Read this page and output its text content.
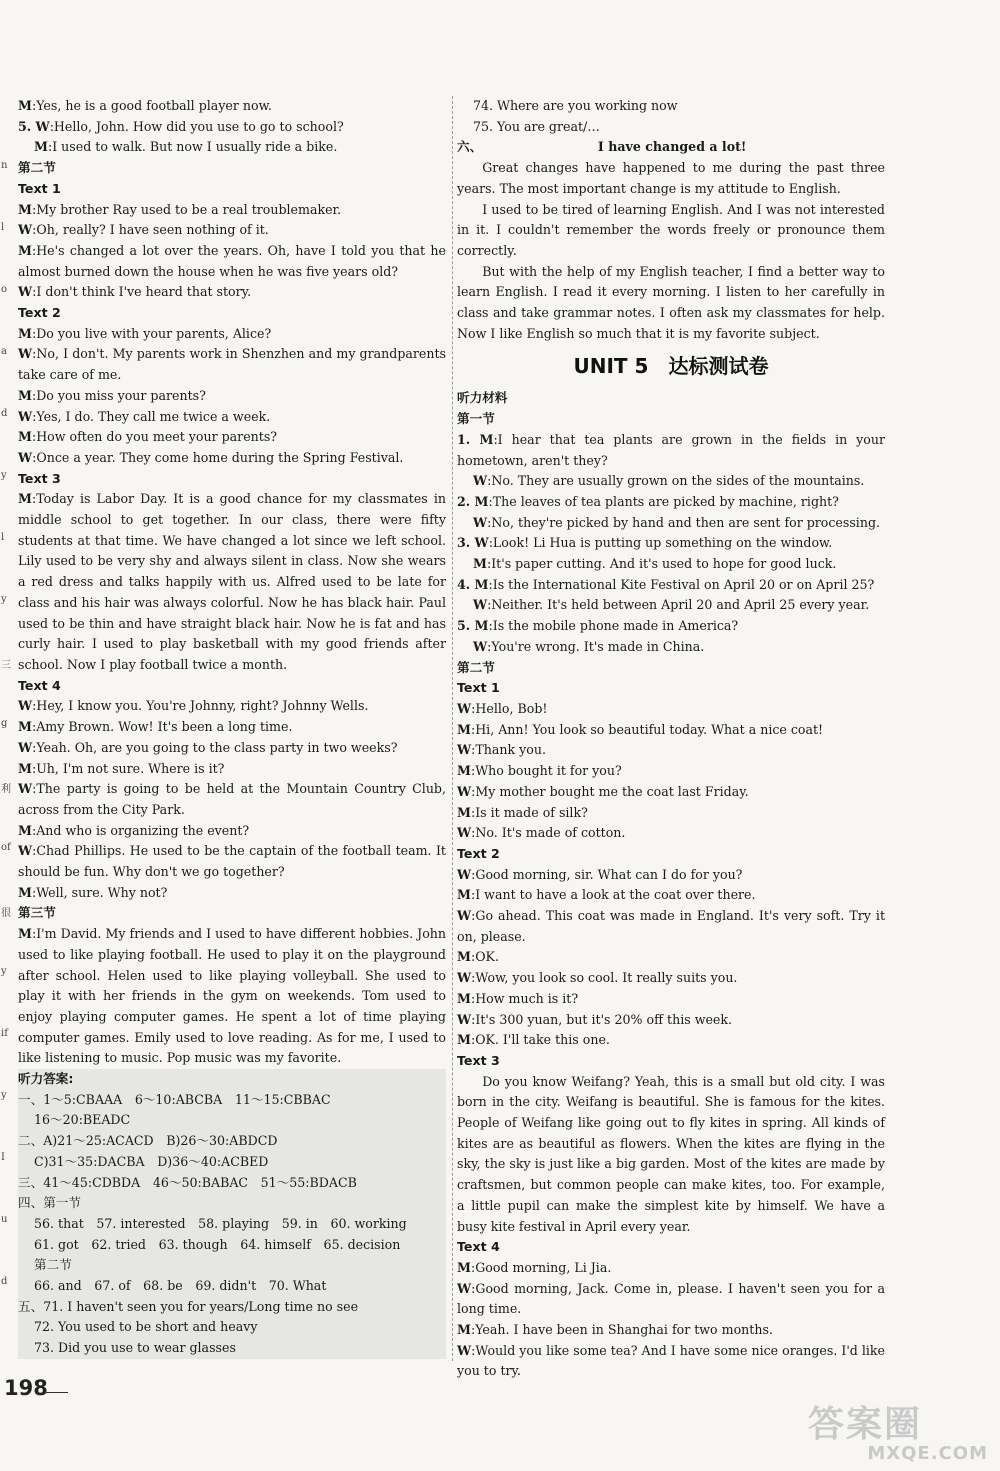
n
l
o
a
d
y
l
y
三
g
利
of
很
y
if
y
I
u
d
M:Yes, he is a good football player now.
5. W:Hello, John. How did you use to go to school?
M:I used to walk. But now I usually ride a bike.
第二节
Text 1
M:My brother Ray used to be a real troublemaker.
W:Oh, really? I have seen nothing of it.
M:He's changed a lot over the years. Oh, have I told you that he almost burned down the house when he was five years old?
W:I don't think I've heard that story.
Text 2
M:Do you live with your parents, Alice?
W:No, I don't. My parents work in Shenzhen and my grandparents take care of me.
M:Do you miss your parents?
W:Yes, I do. They call me twice a week.
M:How often do you meet your parents?
W:Once a year. They come home during the Spring Festival.
Text 3
M:Today is Labor Day. It is a good chance for my classmates in middle school to get together. In our class, there were fifty students at that time. We have changed a lot since we left school. Lily used to be very shy and always silent in class. Now she wears a red dress and talks happily with us. Alfred used to be late for class and his hair was always colorful. Now he has black hair. Paul used to be thin and have straight black hair. Now he is fat and has curly hair. I used to play basketball with my good friends after school. Now I play football twice a month.
Text 4
W:Hey, I know you. You're Johnny, right? Johnny Wells.
M:Amy Brown. Wow! It's been a long time.
W:Yeah. Oh, are you going to the class party in two weeks?
M:Uh, I'm not sure. Where is it?
W:The party is going to be held at the Mountain Country Club, across from the City Park.
M:And who is organizing the event?
W:Chad Phillips. He used to be the captain of the football team. It should be fun. Why don't we go together?
M:Well, sure. Why not?
第三节
M:I'm David. My friends and I used to have different hobbies. John used to like playing football. He used to play it on the playground after school. Helen used to like playing volleyball. She used to play it with her friends in the gym on weekends. Tom used to enjoy playing computer games. He spent a lot of time playing computer games. Emily used to love reading. As for me, I used to like listening to music. Pop music was my favorite.
听力答案:
一、1～5:CBAAA　6～10:ABCBA　11～15:CBBAC
16～20:BEADC
二、A)21～25:ACACD　B)26～30:ABDCD
C)31～35:DACBA　D)36～40:ACBED
三、41～45:CDBDA　46～50:BABAC　51～55:BDACB
四、第一节
56. that　57. interested　58. playing　59. in　60. working
61. got　62. tried　63. though　64. himself　65. decision
第二节
66. and　67. of　68. be　69. didn't　70. What
五、71. I haven't seen you for years/Long time no see
72. You used to be short and heavy
73. Did you use to wear glasses
74. Where are you working now
75. You are great/…
六、	I have changed a lot!
Great changes have happened to me during the past three years. The most important change is my attitude to English.
I used to be tired of learning English. And I was not interested in it. I couldn't remember the words freely or pronounce them correctly.
But with the help of my English teacher, I find a better way to learn English. I read it every morning. I listen to her carefully in class and take grammar notes. I often ask my classmates for help. Now I like English so much that it is my favorite subject.
UNIT 5　达标测试卷
听力材料
第一节
1. M:I hear that tea plants are grown in the fields in your hometown, aren't they?
W:No. They are usually grown on the sides of the mountains.
2. M:The leaves of tea plants are picked by machine, right?
W:No, they're picked by hand and then are sent for processing.
3. W:Look! Li Hua is putting up something on the window.
M:It's paper cutting. And it's used to hope for good luck.
4. M:Is the International Kite Festival on April 20 or on April 25?
W:Neither. It's held between April 20 and April 25 every year.
5. M:Is the mobile phone made in America?
W:You're wrong. It's made in China.
第二节
Text 1
W:Hello, Bob!
M:Hi, Ann! You look so beautiful today. What a nice coat!
W:Thank you.
M:Who bought it for you?
W:My mother bought me the coat last Friday.
M:Is it made of silk?
W:No. It's made of cotton.
Text 2
W:Good morning, sir. What can I do for you?
M:I want to have a look at the coat over there.
W:Go ahead. This coat was made in England. It's very soft. Try it on, please.
M:OK.
W:Wow, you look so cool. It really suits you.
M:How much is it?
W:It's 300 yuan, but it's 20% off this week.
M:OK. I'll take this one.
Text 3
Do you know Weifang? Yeah, this is a small but old city. I was born in the city. Weifang is beautiful. She is famous for the kites. People of Weifang like going out to fly kites in spring. All kinds of kites are as beautiful as flowers. When the kites are flying in the sky, the sky is just like a big garden. Most of the kites are made by craftsmen, but common people can make kites, too. For example, a little pupil can make the simplest kite by himself. We have a busy kite festival in April every year.
Text 4
M:Good morning, Li Jia.
W:Good morning, Jack. Come in, please. I haven't seen you for a long time.
M:Yeah. I have been in Shanghai for two months.
W:Would you like some tea? And I have some nice oranges. I'd like you to try.
198
答案圈
MXQE.COM
